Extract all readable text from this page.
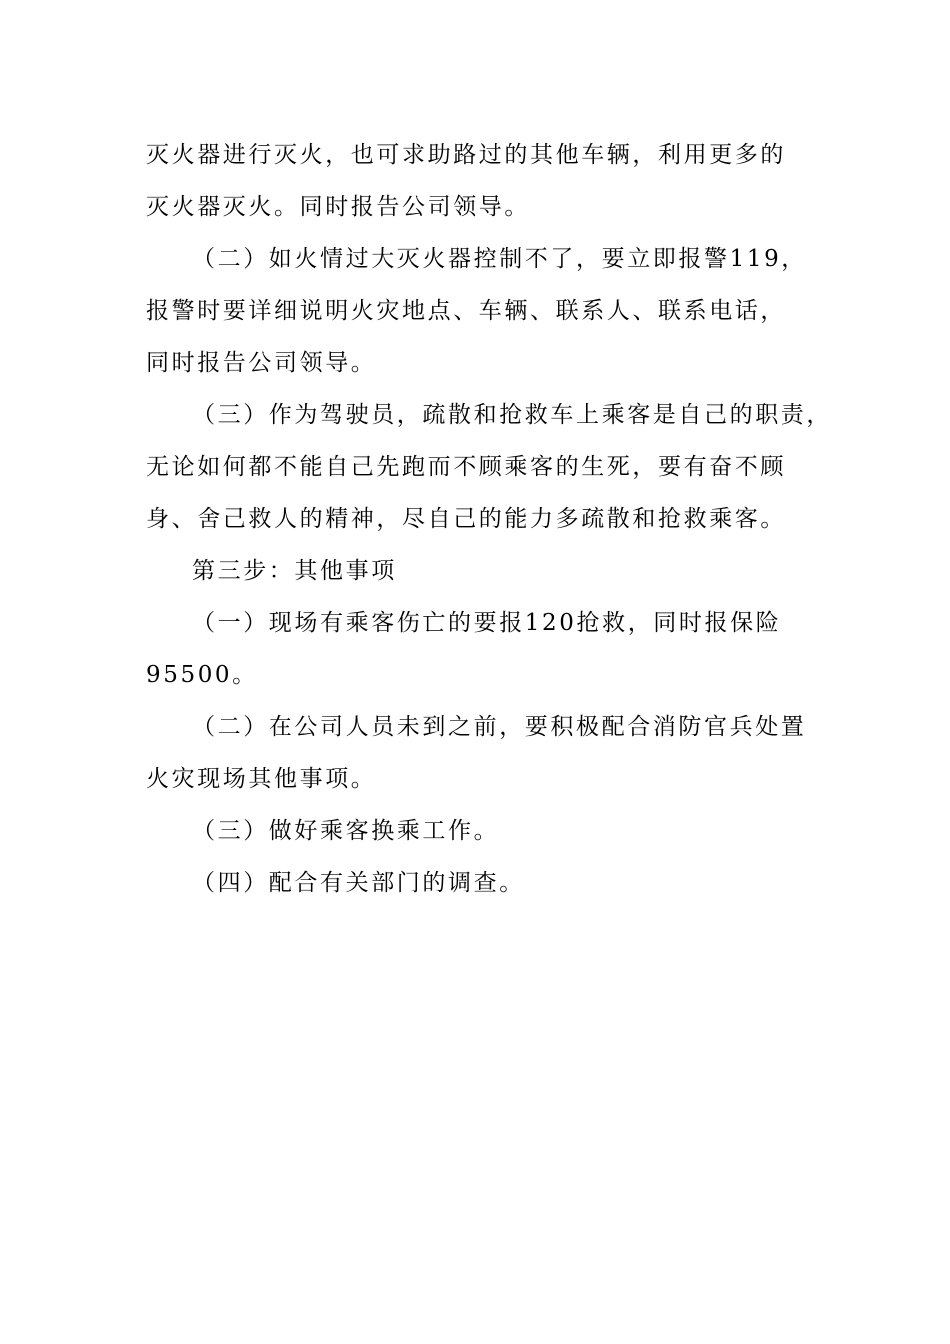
灭火器进行灭火，也可求助路过的其他车辆，利用更多的
灭火器灭火。同时报告公司领导。

（二）如火情过大灭火器控制不了，要立即报警119，
报警时要详细说明火灾地点、车辆、联系人、联系电话，
同时报告公司领导。

（三）作为驾驶员，疏散和抢救车上乘客是自己的职责，
无论如何都不能自己先跑而不顾乘客的生死，要有奋不顾
身、舍己救人的精神，尽自己的能力多疏散和抢救乘客。

第三步：其他事项

（一）现场有乘客伤亡的要报120抢救，同时报保险
95500。

（二）在公司人员未到之前，要积极配合消防官兵处置
火灾现场其他事项。

（三）做好乘客换乘工作。

（四）配合有关部门的调查。
